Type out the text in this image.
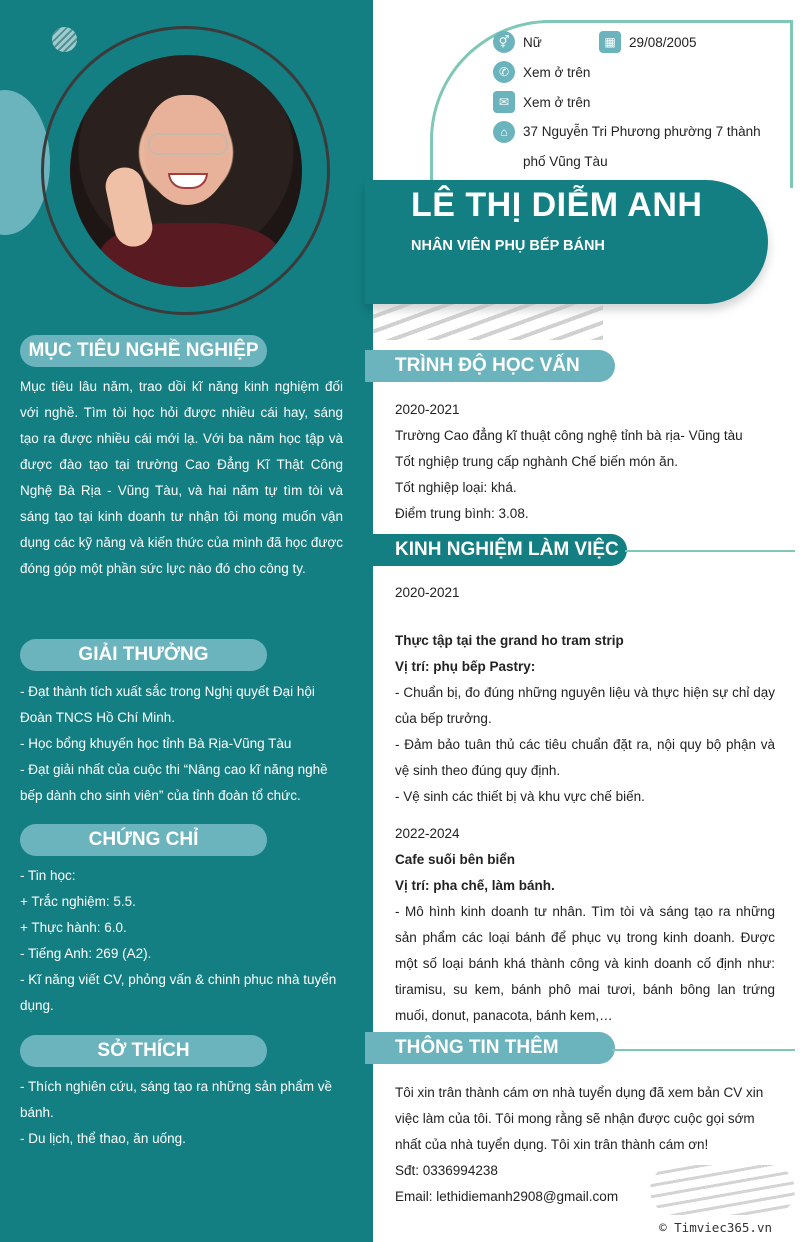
MỤC TIÊU NGHỀ NGHIỆP
Mục tiêu lâu năm, trao dồi kĩ năng kinh nghiệm đối với nghề. Tìm tòi học hỏi được nhiều cái hay, sáng tạo ra được nhiều cái mới lạ. Với ba năm học tập và được đào tạo tại trường Cao Đẳng Kĩ Thật Công Nghệ Bà Rịa - Vũng Tàu, và hai năm tự tìm tòi và sáng tạo tại kinh doanh tư nhận tôi mong muốn vận dụng các kỹ năng và kiến thức của mình đã học được đóng góp một phần sức lực nào đó cho công ty.
GIẢI THƯỞNG
- Đạt thành tích xuất sắc trong Nghị quyết Đại hội Đoàn TNCS Hồ Chí Minh.
- Học bổng khuyến học tỉnh Bà Rịa-Vũng Tàu
- Đạt giải nhất của cuộc thi “Nâng cao kĩ năng nghề bếp dành cho sinh viên” của tỉnh đoàn tổ chức.
CHỨNG CHỈ
- Tin học:
+ Trắc nghiệm: 5.5.
+ Thực hành: 6.0.
- Tiếng Anh: 269 (A2).
- Kĩ năng viết CV, phỏng vấn & chinh phục nhà tuyển dụng.
SỞ THÍCH
- Thích nghiên cứu, sáng tạo ra những sản phẩm về bánh.
- Du lịch, thể thao, ăn uống.
⚥	Nữ	▦ 29/08/2005
✆	Xem ở trên
✉	Xem ở trên
⌂	37 Nguyễn Tri Phương phường 7 thành
phố Vũng Tàu
LÊ THỊ DIỄM ANH
NHÂN VIÊN PHỤ BẾP BÁNH
TRÌNH ĐỘ HỌC VẤN
2020-2021
Trường Cao đẳng kĩ thuật công nghệ tỉnh bà rịa- Vũng tàu
Tốt nghiệp trung cấp nghành Chế biến món ăn.
Tốt nghiệp loại: khá.
Điểm trung bình: 3.08.
KINH NGHIỆM LÀM VIỆC
2020-2021
Thực tập tại the grand ho tram strip
Vị trí: phụ bếp Pastry:
- Chuẩn bị, đo đúng những nguyên liệu và thực hiện sự chỉ dạy của bếp trưởng.
- Đảm bảo tuân thủ các tiêu chuẩn đặt ra, nội quy bộ phận và vệ sinh theo đúng quy định.
- Vệ sinh các thiết bị và khu vực chế biến.
2022-2024
Cafe suối bên biển
Vị trí: pha chế, làm bánh.
- Mô hình kinh doanh tư nhân. Tìm tòi và sáng tạo ra những sản phẩm các loại bánh để phục vụ trong kinh doanh. Được một số loại bánh khá thành công và kinh doanh cố định như: tiramisu, su kem, bánh phô mai tươi, bánh bông lan trứng muối, donut, panacota, bánh kem,…
THÔNG TIN THÊM
Tôi xin trân thành cám ơn nhà tuyển dụng đã xem bản CV xin việc làm của tôi. Tôi mong rằng sẽ nhận được cuộc gọi sớm nhất của nhà tuyển dụng. Tôi xin trân thành cám ơn!
Sđt: 0336994238
Email: lethidiemanh2908@gmail.com
© Timviec365.vn
